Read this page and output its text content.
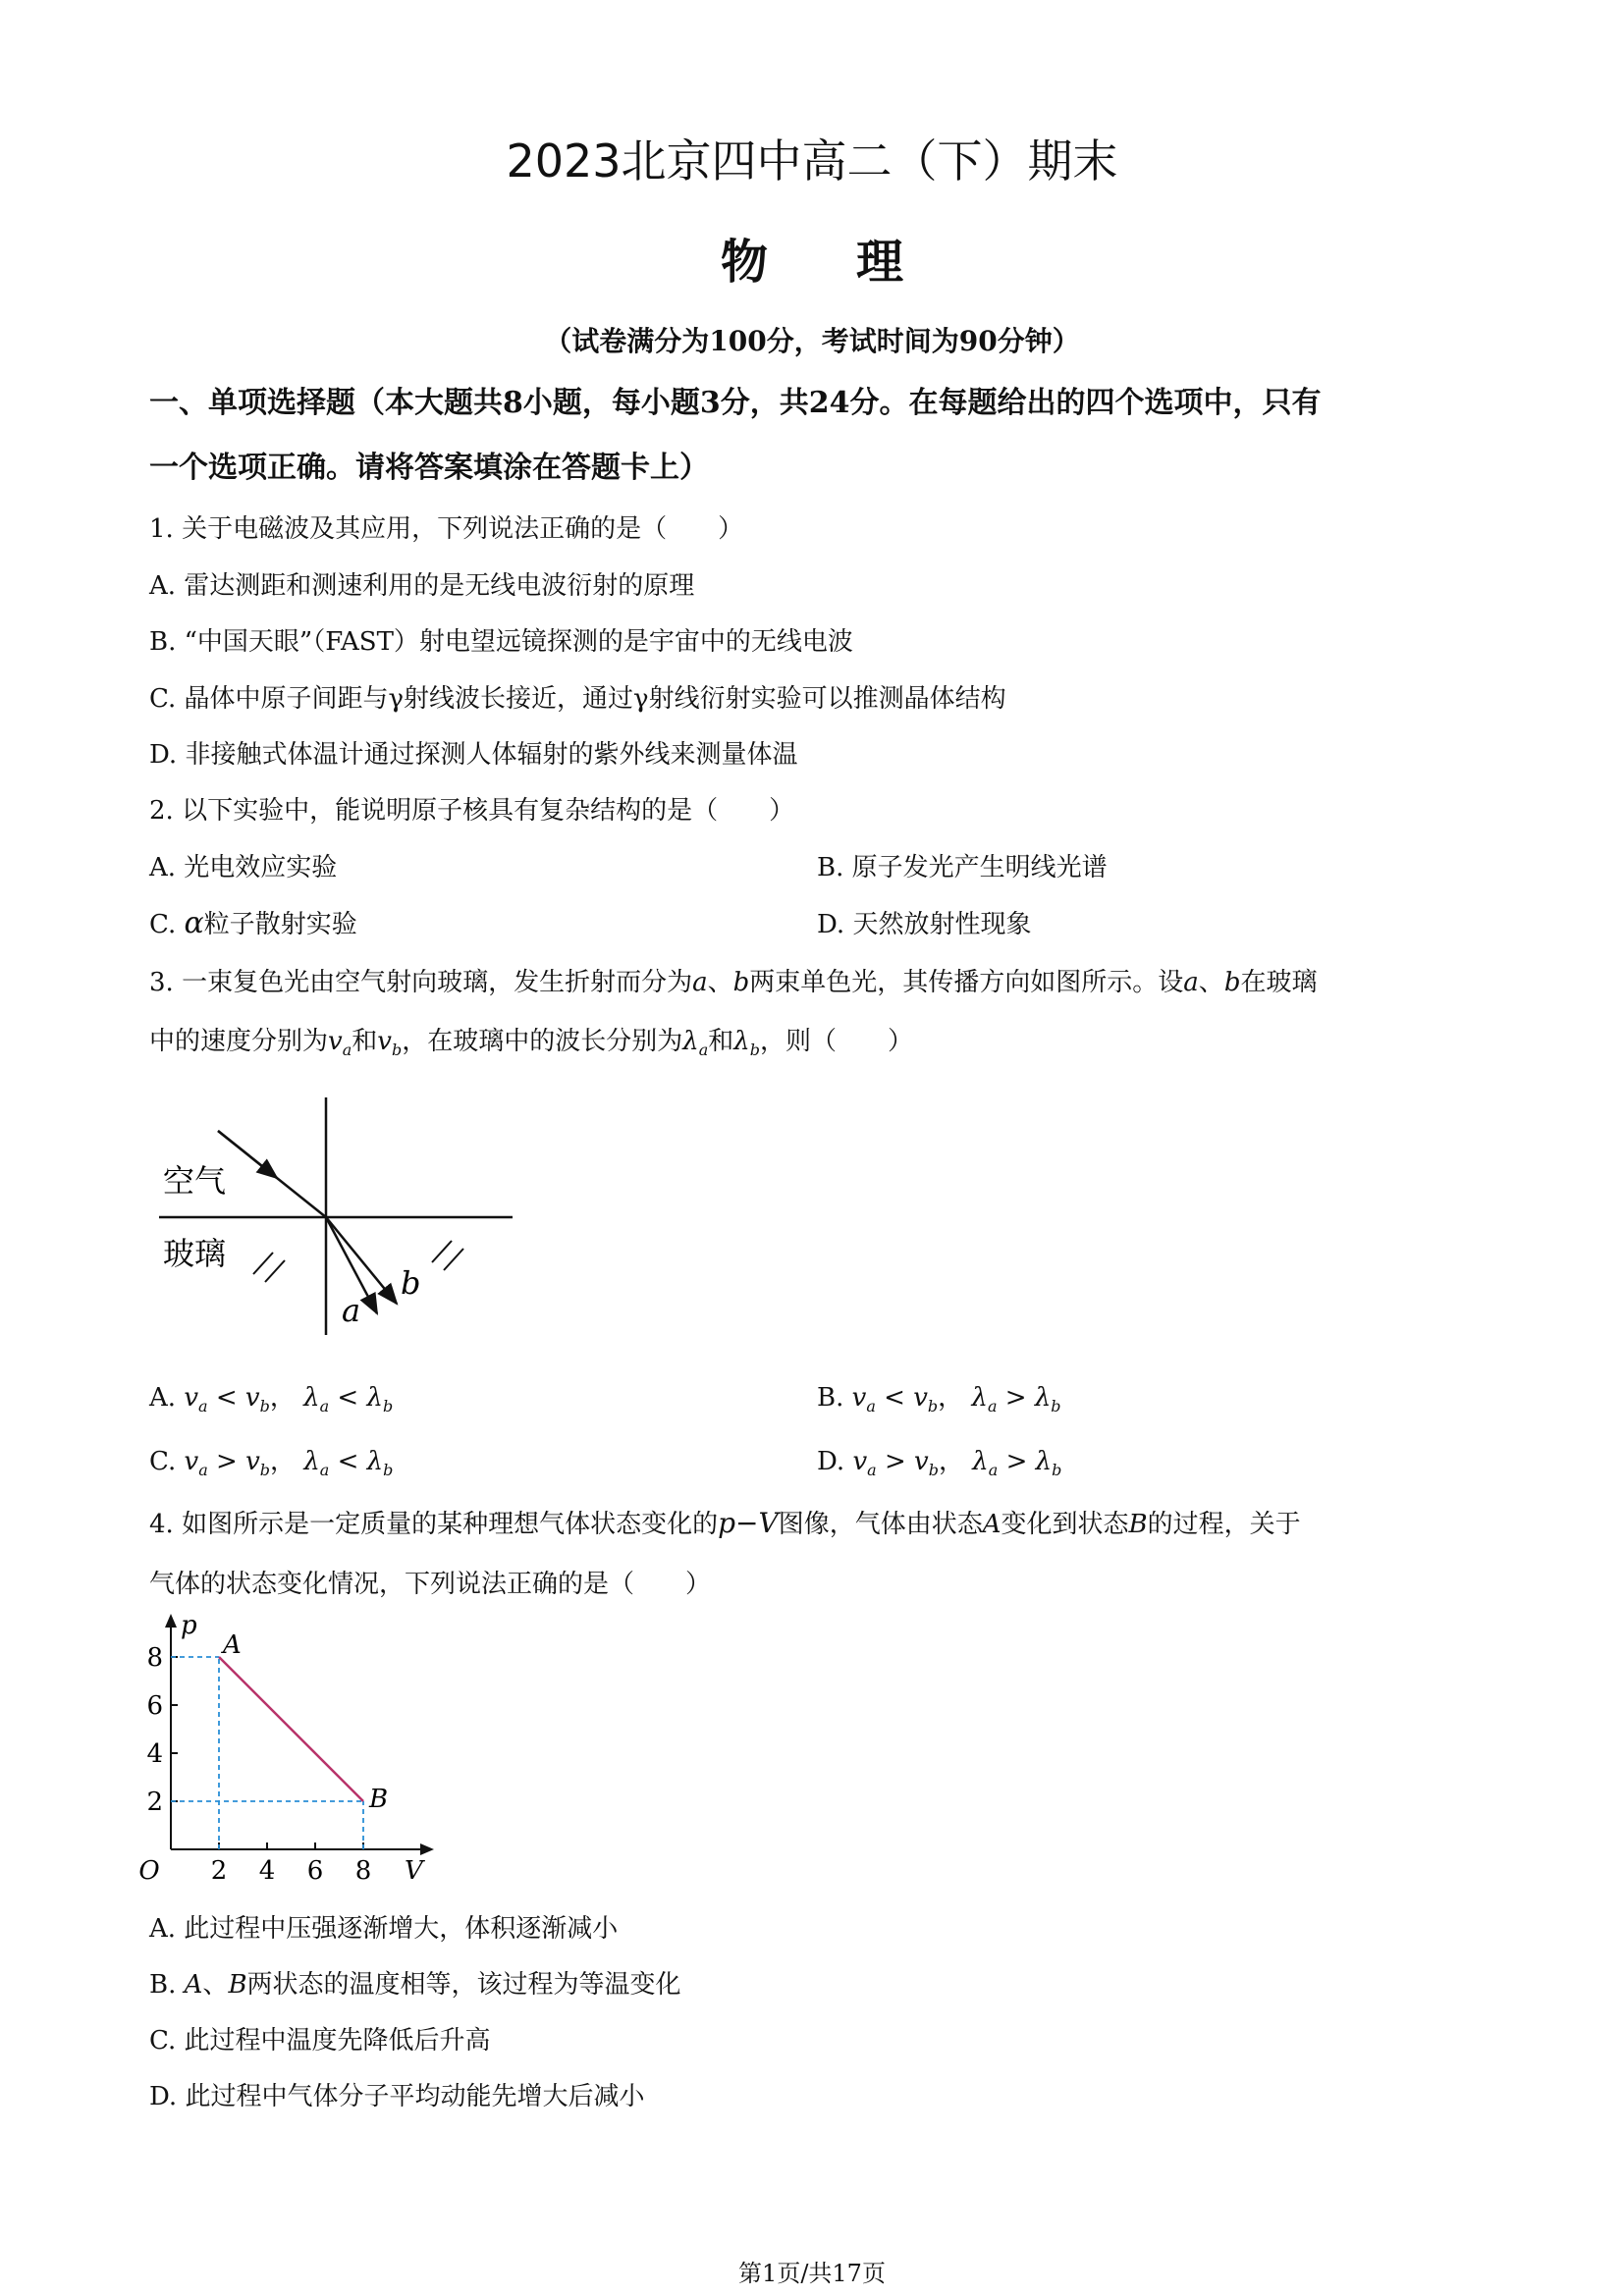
2023北京四中高二（下）期末
物理
（试卷满分为100分，考试时间为90分钟）
一、单项选择题（本大题共8小题，每小题3分，共24分。在每题给出的四个选项中，只有
一个选项正确。请将答案填涂在答题卡上）
1. 关于电磁波及其应用，下列说法正确的是（　　）
A. 雷达测距和测速利用的是无线电波衍射的原理
B. “中国天眼”（FAST）射电望远镜探测的是宇宙中的无线电波
C. 晶体中原子间距与γ射线波长接近，通过γ射线衍射实验可以推测晶体结构
D. 非接触式体温计通过探测人体辐射的紫外线来测量体温
2. 以下实验中，能说明原子核具有复杂结构的是（　　）
A. 光电效应实验	B. 原子发光产生明线光谱
C. α粒子散射实验	D. 天然放射性现象
3. 一束复色光由空气射向玻璃，发生折射而分为a、b两束单色光，其传播方向如图所示。设a、b在玻璃
中的速度分别为$v_a$和$v_b$，在玻璃中的波长分别为$\lambda_a$和$\lambda_b$，则（　　）
空气
玻璃
a
b
A. $v_a < v_b$， $\lambda_a < \lambda_b$	B. $v_a < v_b$， $\lambda_a > \lambda_b$
C. $v_a > v_b$， $\lambda_a < \lambda_b$	D. $v_a > v_b$， $\lambda_a > \lambda_b$
4. 如图所示是一定质量的某种理想气体状态变化的p−V图像，气体由状态A变化到状态B的过程，关于
气体的状态变化情况，下列说法正确的是（　　）
2 4 6 8
2
4
6
8
O	V
p
A
B
A. 此过程中压强逐渐增大，体积逐渐减小
B. A、B两状态的温度相等，该过程为等温变化
C. 此过程中温度先降低后升高
D. 此过程中气体分子平均动能先增大后减小
第1页/共17页
